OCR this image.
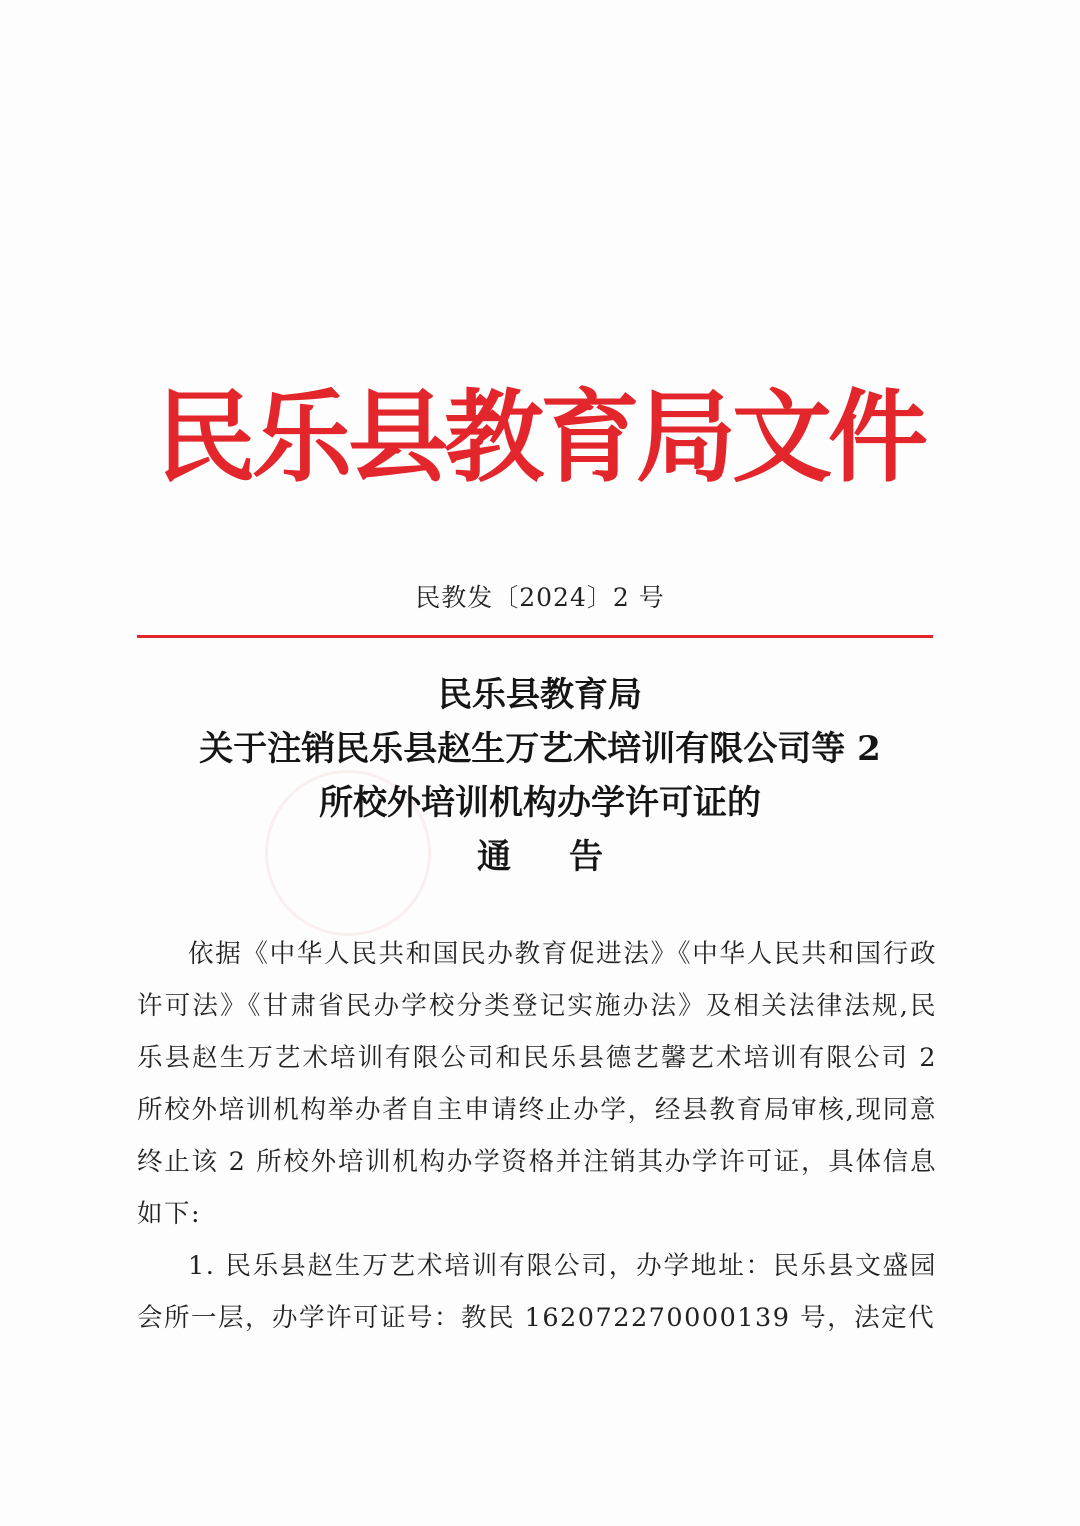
民乐县教育局文件
民教发〔2024〕2 号
民乐县教育局
关于注销民乐县赵生万艺术培训有限公司等 2
所校外培训机构办学许可证的
通告

依据《中华人民共和国民办教育促进法》《中华人民共和国行政许可法》《甘肃省民办学校分类登记实施办法》及相关法律法规,民乐县赵生万艺术培训有限公司和民乐县德艺馨艺术培训有限公司 2 所校外培训机构举办者自主申请终止办学，经县教育局审核,现同意终止该 2 所校外培训机构办学资格并注销其办学许可证，具体信息如下:

1. 民乐县赵生万艺术培训有限公司，办学地址：民乐县文盛园会所一层，办学许可证号：教民 162072270000139 号，法定代
